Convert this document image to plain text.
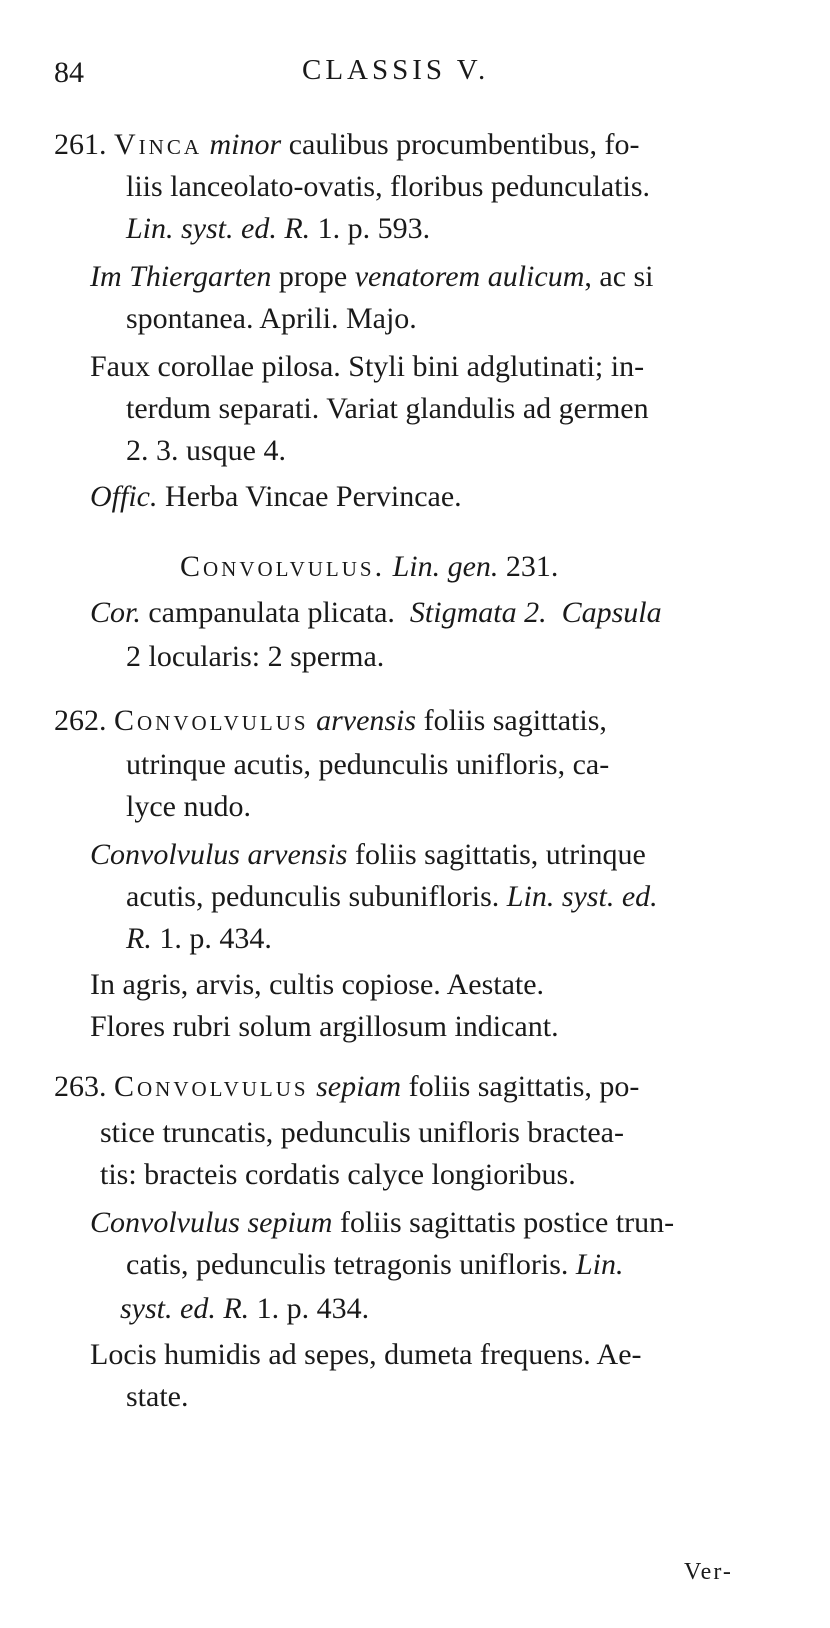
84	CLASSIS V.
261. Vinca minor caulibus procumbentibus, fo-
liis lanceolato-ovatis, floribus pedunculatis.
Lin. syst. ed. R. 1. p. 593.
Im Thiergarten prope venatorem aulicum, ac si
spontanea. Aprili. Majo.
Faux corollae pilosa. Styli bini adglutinati; in-
terdum separati. Variat glandulis ad germen
2. 3. usque 4.
Offic. Herba Vincae Pervincae.
Convolvulus. Lin. gen. 231.
Cor. campanulata plicata. Stigmata 2. Capsula
2 locularis: 2 sperma.
262. Convolvulus arvensis foliis sagittatis,
utrinque acutis, pedunculis unifloris, ca-
lyce nudo.
Convolvulus arvensis foliis sagittatis, utrinque
acutis, pedunculis subunifloris. Lin. syst. ed.
R. 1. p. 434.
In agris, arvis, cultis copiose. Aestate.
Flores rubri solum argillosum indicant.
263. Convolvulus sepiam foliis sagittatis, po-
stice truncatis, pedunculis unifloris bractea-
tis: bracteis cordatis calyce longioribus.
Convolvulus sepium foliis sagittatis postice trun-
catis, pedunculis tetragonis unifloris. Lin.
syst. ed. R. 1. p. 434.
Locis humidis ad sepes, dumeta frequens. Ae-
state.
Ver-
